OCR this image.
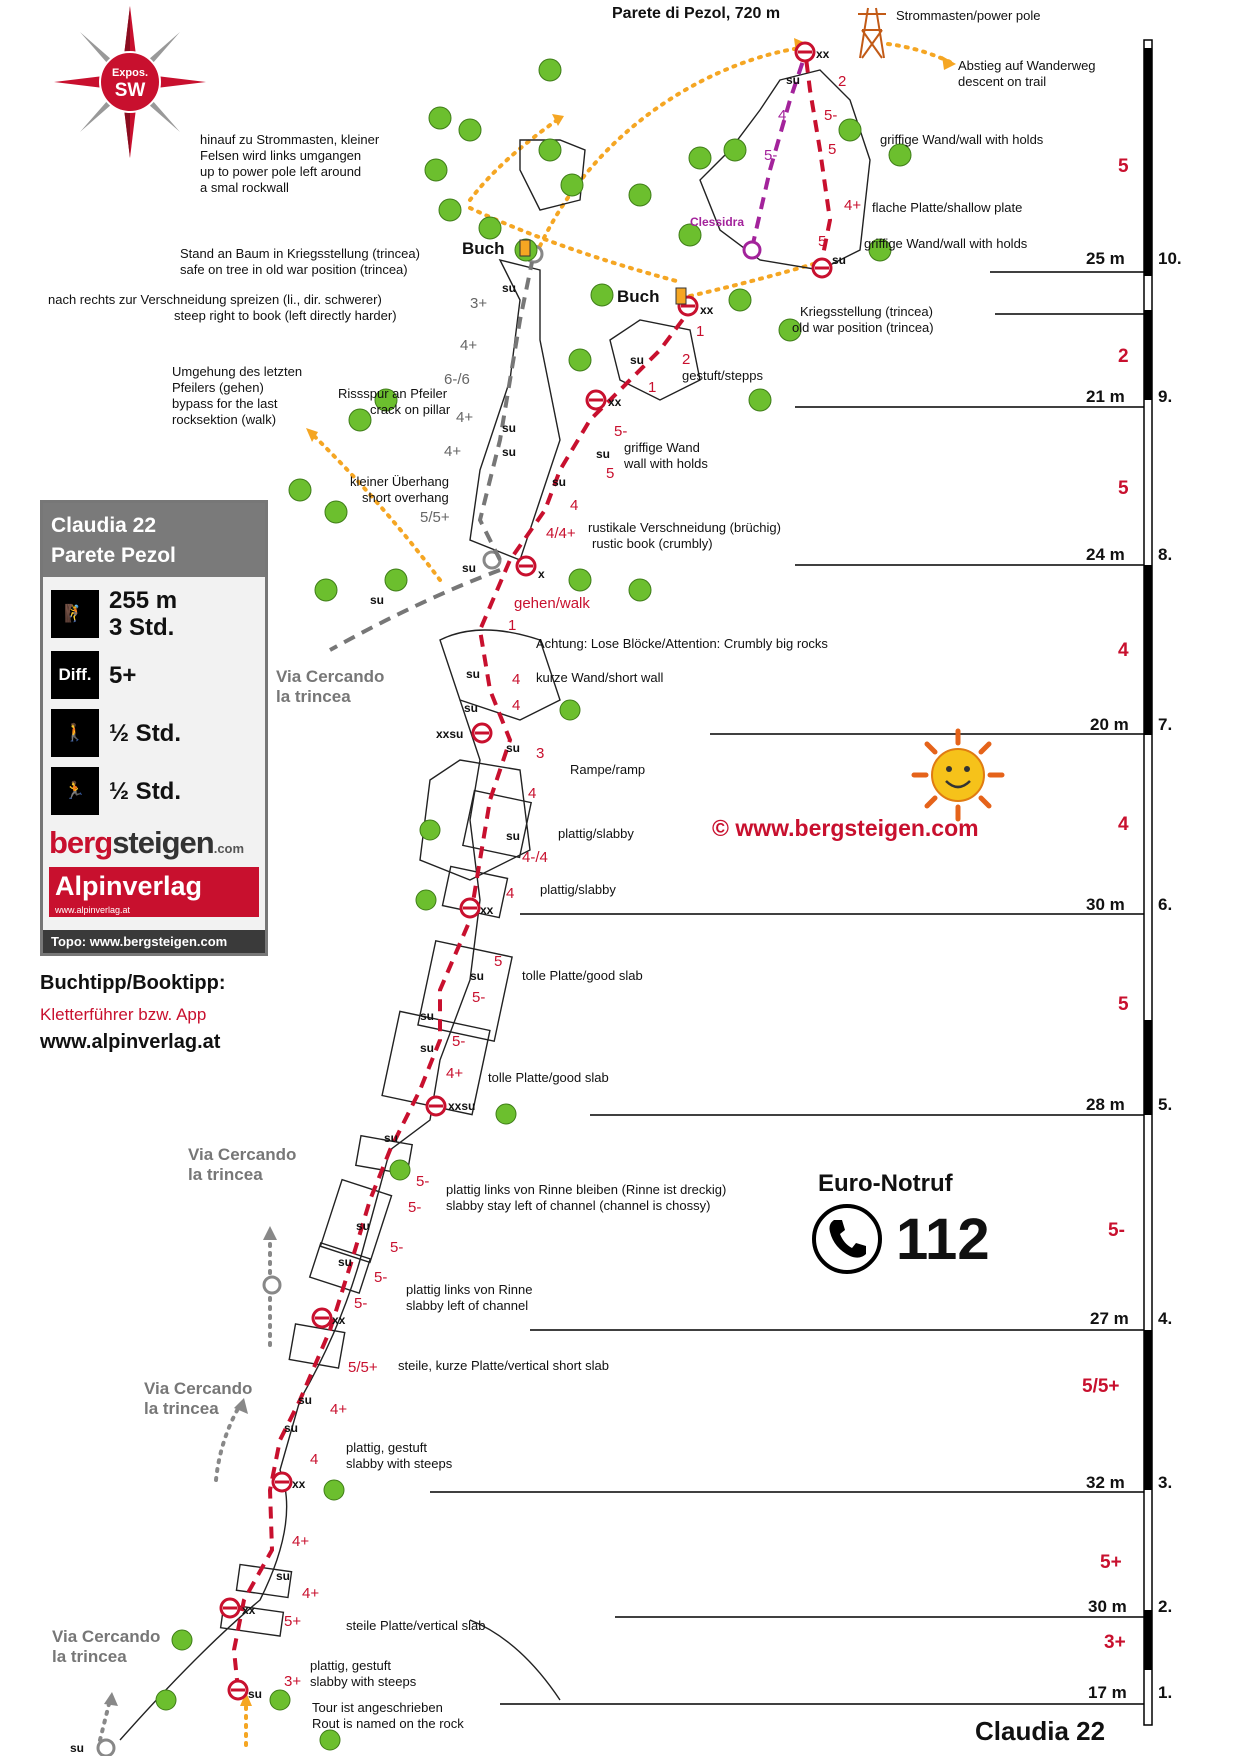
5
25 m 10.
2
21 m 9.
5
24 m 8.
4
20 m 7.
4
30 m 6.
5
28 m 5.
5-
27 m 4.
5/5+
32 m 3.
5+
30 m 2.
3+
17 m 1.
Expos.
SW
Parete di Pezol, 720 m	Strommasten/power pole
Abstieg auf Wanderweg
descent on trail
Buch
Buch
hinauf zu Strommasten, kleiner
Felsen wird links umgangen
up to power pole left around
a smal rockwall
Stand an Baum in Kriegsstellung (trincea)
safe on tree in old war position (trincea)
nach rechts zur Verschneidung spreizen (li., dir. schwerer)
steep right to book (left directly harder)
Umgehung des letzten
Pfeilers (gehen)
bypass for the last
rocksektion (walk)
Rissspur an Pfeiler
crack on pillar
kleiner Überhang
short overhang
griffige Wand/wall with holds
flache Platte/shallow plate
griffige Wand/wall with holds
Clessidra
Kriegsstellung (trincea)
old war position (trincea)
gestuft/stepps
griffige Wand
wall with holds
rustikale Verschneidung (brüchig)
rustic book (crumbly)
gehen/walk
Achtung: Lose Blöcke/Attention: Crumbly big rocks
kurze Wand/short wall
Rampe/ramp
plattig/slabby
plattig/slabby
tolle Platte/good slab
tolle Platte/good slab
plattig links von Rinne bleiben (Rinne ist dreckig)
slabby stay left of channel (channel is chossy)
plattig links von Rinne
slabby left of channel
steile, kurze Platte/vertical short slab
plattig, gestuft
slabby with steeps
steile Platte/vertical slab
plattig, gestuft
slabby with steeps
Tour ist angeschrieben
Rout is named on the rock
Via Cercando
la trincea
Via Cercando
la trincea
Via Cercando
la trincea
Via Cercando
la trincea
2
4	5-
5-	5
4+
5
3+
4+
6-/6
4+
4+
5/5+
1
2
1
5-
5
4
4/4+
1
4
4
3
4
4-/4
4
5
5-
5-
4+
5-
5-
5-
5-
5-
5/5+
4+
4
4+
4+
5+
3+
xx
su
su
xx
su
xx
su
su
su	su
su
su	x
su
su
su
xxsu
su
su
xx
su
su
su
xxsu
su
su
su
xx
su
su
xx
su
xx
su
su
Claudia 22
Parete Pezol
🧗 255 m
3 Std.
Diff. 5+
🚶 ½ Std.
🏃 ½ Std.
bergsteigen.com
Alpinverlag
www.alpinverlag.at
Topo: www.bergsteigen.com
Buchtipp/Booktipp:
Kletterführer bzw. App
www.alpinverlag.at
© www.bergsteigen.com
Euro-Notruf
112
Claudia 22
